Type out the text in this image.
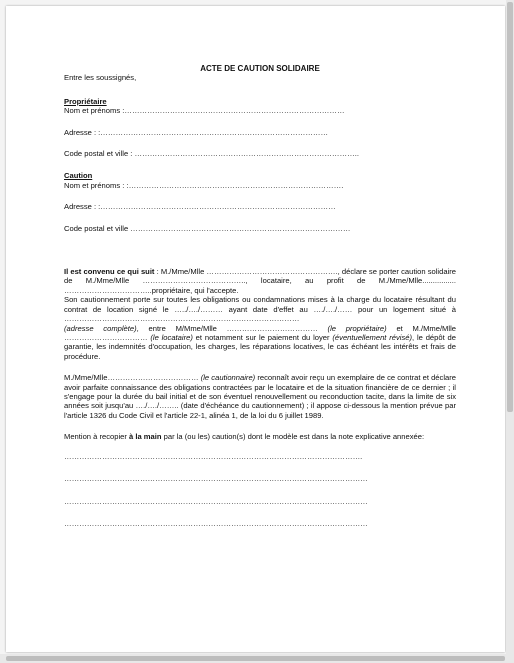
ACTE DE CAUTION SOLIDAIRE

Entre les soussignés,

Propriétaire
Nom et prénoms :……………………………………………………………………………
Adresse : :………………………………………………………………………………
Code postal et ville : ……………………………………………………………………………..
Caution
Nom et prénoms : :………………………………………………………………………….
Adresse : :…………………………………………………………………………………
Code postal et ville ……………………………………………………………………………

Il est convenu ce qui suit : M./Mme/Mlle ……………………………………………., déclare se porter caution solidaire de M./Mme/Mlle ………………………………….., locataire, au profit de M./Mme/Mlle................ ……………………………..propriétaire, qui l'accepte.
Son cautionnement porte sur toutes les obligations ou condamnations mises à la charge du locataire résultant du contrat de location signé le …../…./……… ayant date d'effet au …./…./…… pour un logement situé à …………………………………………………………………………………
(adresse complète), entre M/Mme/Mlle ……………………………… (le propriétaire) et M./Mme/Mlle …………………………… (le locataire) et notamment sur le paiement du loyer (éventuellement révisé), le dépôt de garantie, les indemnités d'occupation, les charges, les réparations locatives, le cas échéant les intérêts et frais de procédure.

M./Mme/Mlle……………………………… (le cautionnaire) reconnaît avoir reçu un exemplaire de ce contrat et déclare avoir parfaite connaissance des obligations contractées par le locataire et de la situation financière de ce dernier ; il s'engage pour la durée du bail initial et de son éventuel renouvellement ou reconduction tacite, dans la limite de six années soit jusqu'au …./…./…….. (date d'échéance du cautionnement) ; il appose ci-dessous la mention prévue par l'article 1326 du Code Civil et l'article 22-1, alinéa 1, de la loi du 6 juillet 1989.

Mention à recopier à la main par la (ou les) caution(s) dont le modèle est dans la note explicative annexée:

……………………………………………………………………………………………………….
…………………………………………………………………………………………………………
…………………………………………………………………………………………………………
…………………………………………………………………………………………………………
